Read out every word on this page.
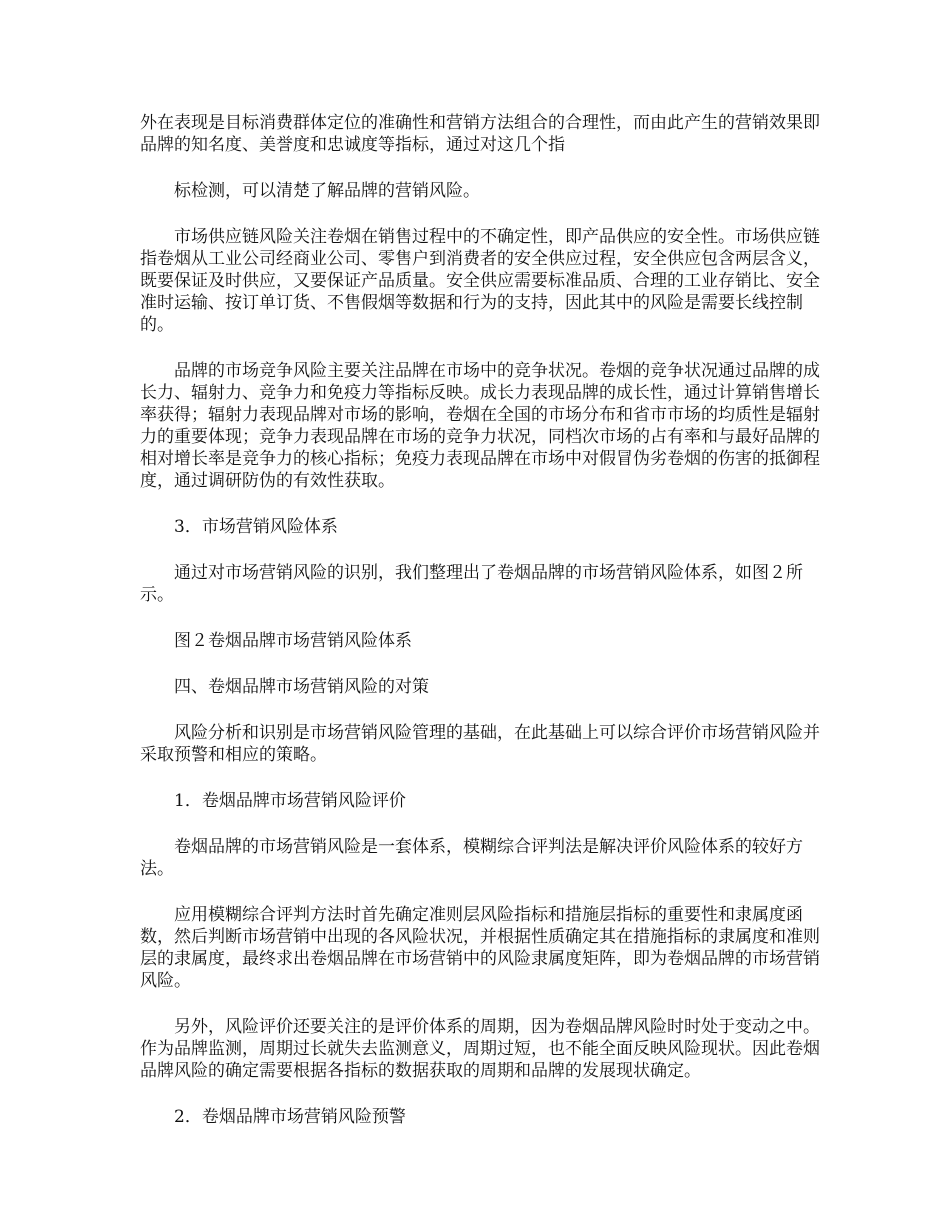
外在表现是目标消费群体定位的准确性和营销方法组合的合理性，而由此产生的营销效果即品牌的知名度、美誉度和忠诚度等指标，通过对这几个指

标检测，可以清楚了解品牌的营销风险。

市场供应链风险关注卷烟在销售过程中的不确定性，即产品供应的安全性。市场供应链指卷烟从工业公司经商业公司、零售户到消费者的安全供应过程，安全供应包含两层含义，既要保证及时供应，又要保证产品质量。安全供应需要标准品质、合理的工业存销比、安全准时运输、按订单订货、不售假烟等数据和行为的支持，因此其中的风险是需要长线控制的。

品牌的市场竞争风险主要关注品牌在市场中的竞争状况。卷烟的竞争状况通过品牌的成长力、辐射力、竞争力和免疫力等指标反映。成长力表现品牌的成长性，通过计算销售增长率获得；辐射力表现品牌对市场的影响，卷烟在全国的市场分布和省市市场的均质性是辐射力的重要体现；竞争力表现品牌在市场的竞争力状况，同档次市场的占有率和与最好品牌的相对增长率是竞争力的核心指标；免疫力表现品牌在市场中对假冒伪劣卷烟的伤害的抵御程度，通过调研防伪的有效性获取。

3．市场营销风险体系

通过对市场营销风险的识别，我们整理出了卷烟品牌的市场营销风险体系，如图２所示。

图２卷烟品牌市场营销风险体系

四、卷烟品牌市场营销风险的对策

风险分析和识别是市场营销风险管理的基础，在此基础上可以综合评价市场营销风险并采取预警和相应的策略。

1．卷烟品牌市场营销风险评价

卷烟品牌的市场营销风险是一套体系，模糊综合评判法是解决评价风险体系的较好方法。

应用模糊综合评判方法时首先确定准则层风险指标和措施层指标的重要性和隶属度函数，然后判断市场营销中出现的各风险状况，并根据性质确定其在措施指标的隶属度和准则层的隶属度，最终求出卷烟品牌在市场营销中的风险隶属度矩阵，即为卷烟品牌的市场营销风险。

另外，风险评价还要关注的是评价体系的周期，因为卷烟品牌风险时时处于变动之中。作为品牌监测，周期过长就失去监测意义，周期过短，也不能全面反映风险现状。因此卷烟品牌风险的确定需要根据各指标的数据获取的周期和品牌的发展现状确定。

2．卷烟品牌市场营销风险预警
